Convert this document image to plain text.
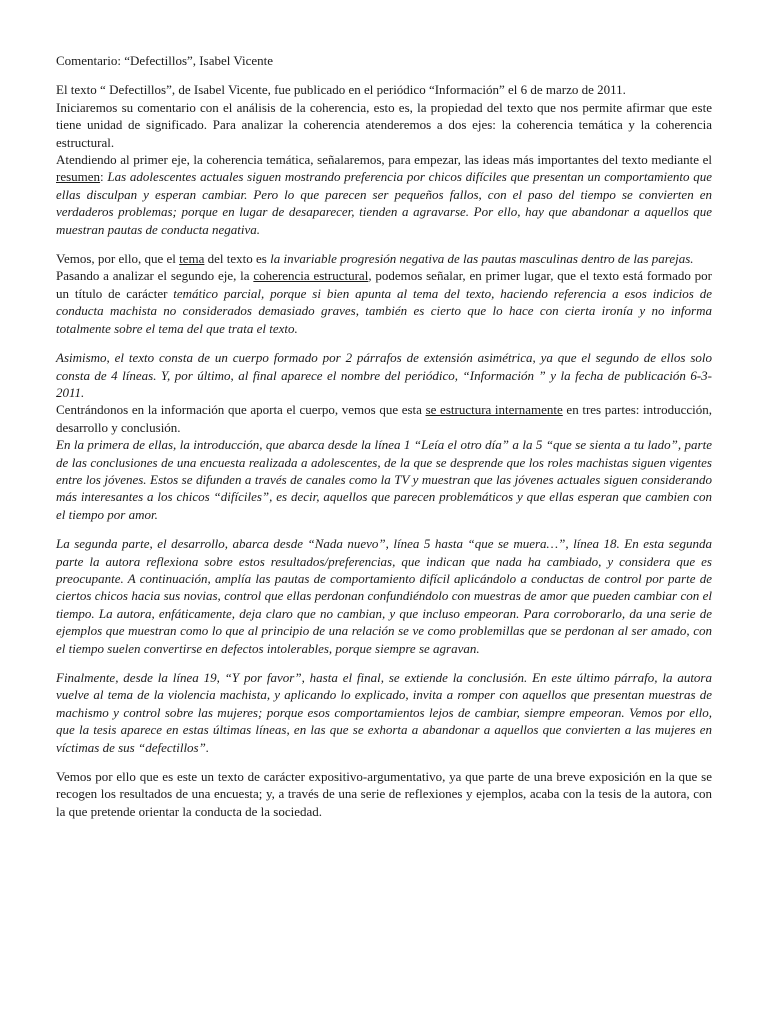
Comentario: “Defectillos”, Isabel Vicente

El texto “ Defectillos”, de Isabel Vicente, fue publicado en el periódico “Información” el 6 de marzo de 2011.

Iniciaremos su comentario con el análisis de la coherencia, esto es, la propiedad del texto que nos permite afirmar que este tiene unidad de significado. Para analizar la coherencia atenderemos a dos ejes: la coherencia temática y la coherencia estructural.

Atendiendo al primer eje, la coherencia temática, señalaremos, para empezar, las ideas más importantes del texto mediante el resumen: Las adolescentes actuales siguen mostrando preferencia por chicos difíciles que presentan un comportamiento que ellas disculpan y esperan cambiar. Pero lo que parecen ser pequeños fallos, con el paso del tiempo se convierten en verdaderos problemas; porque en lugar de desaparecer, tienden a agravarse. Por ello, hay que abandonar a aquellos que muestran pautas de conducta negativa.

Vemos, por ello, que el tema del texto es la invariable progresión negativa de las pautas masculinas dentro de las parejas.

Pasando a analizar el segundo eje, la coherencia estructural, podemos señalar, en primer lugar, que el texto está formado por un título de carácter temático parcial, porque si bien apunta al tema del texto, haciendo referencia a esos indicios de conducta machista no considerados demasiado graves, también es cierto que lo hace con cierta ironía y no informa totalmente sobre el tema del que trata el texto.

Asimismo, el texto consta de un cuerpo formado por 2 párrafos de extensión asimétrica, ya que el segundo de ellos solo consta de 4 líneas. Y, por último, al final aparece el nombre del periódico, “Información ” y la fecha de publicación 6-3-2011.

Centrándonos en la información que aporta el cuerpo, vemos que esta se estructura internamente en tres partes: introducción, desarrollo y conclusión.

En la primera de ellas, la introducción, que abarca desde la línea 1 “Leía el otro día” a la 5 “que se sienta a tu lado”, parte de las conclusiones de una encuesta realizada a adolescentes, de la que se desprende que los roles machistas siguen vigentes entre los jóvenes. Estos se difunden a través de canales como la TV y muestran que las jóvenes actuales siguen considerando más interesantes a los chicos “difíciles”, es decir, aquellos que parecen problemáticos y que ellas esperan que cambien con el tiempo por amor.

La segunda parte, el desarrollo, abarca desde “Nada nuevo”, línea 5 hasta “que se muera…”, línea 18. En esta segunda parte la autora reflexiona sobre estos resultados/preferencias, que indican que nada ha cambiado, y considera que es preocupante. A continuación, amplía las pautas de comportamiento difícil aplicándolo a conductas de control por parte de ciertos chicos hacia sus novias, control que ellas perdonan confundiéndolo con muestras de amor que pueden cambiar con el tiempo. La autora, enfáticamente, deja claro que no cambian, y que incluso empeoran. Para corroborarlo, da una serie de ejemplos que muestran como lo que al principio de una relación se ve como problemillas que se perdonan al ser amado, con el tiempo suelen convertirse en defectos intolerables, porque siempre se agravan.

Finalmente, desde la línea 19, “Y por favor”, hasta el final, se extiende la conclusión. En este último párrafo, la autora vuelve al tema de la violencia machista, y aplicando lo explicado, invita a romper con aquellos que presentan muestras de machismo y control sobre las mujeres; porque esos comportamientos lejos de cambiar, siempre empeoran. Vemos por ello, que la tesis aparece en estas últimas líneas, en las que se exhorta a abandonar a aquellos que convierten a las mujeres en víctimas de sus “defectillos”.

Vemos por ello que es este un texto de carácter expositivo-argumentativo, ya que parte de una breve exposición en la que se recogen los resultados de una encuesta; y, a través de una serie de reflexiones y ejemplos, acaba con la tesis de la autora, con la que pretende orientar la conducta de la sociedad.
